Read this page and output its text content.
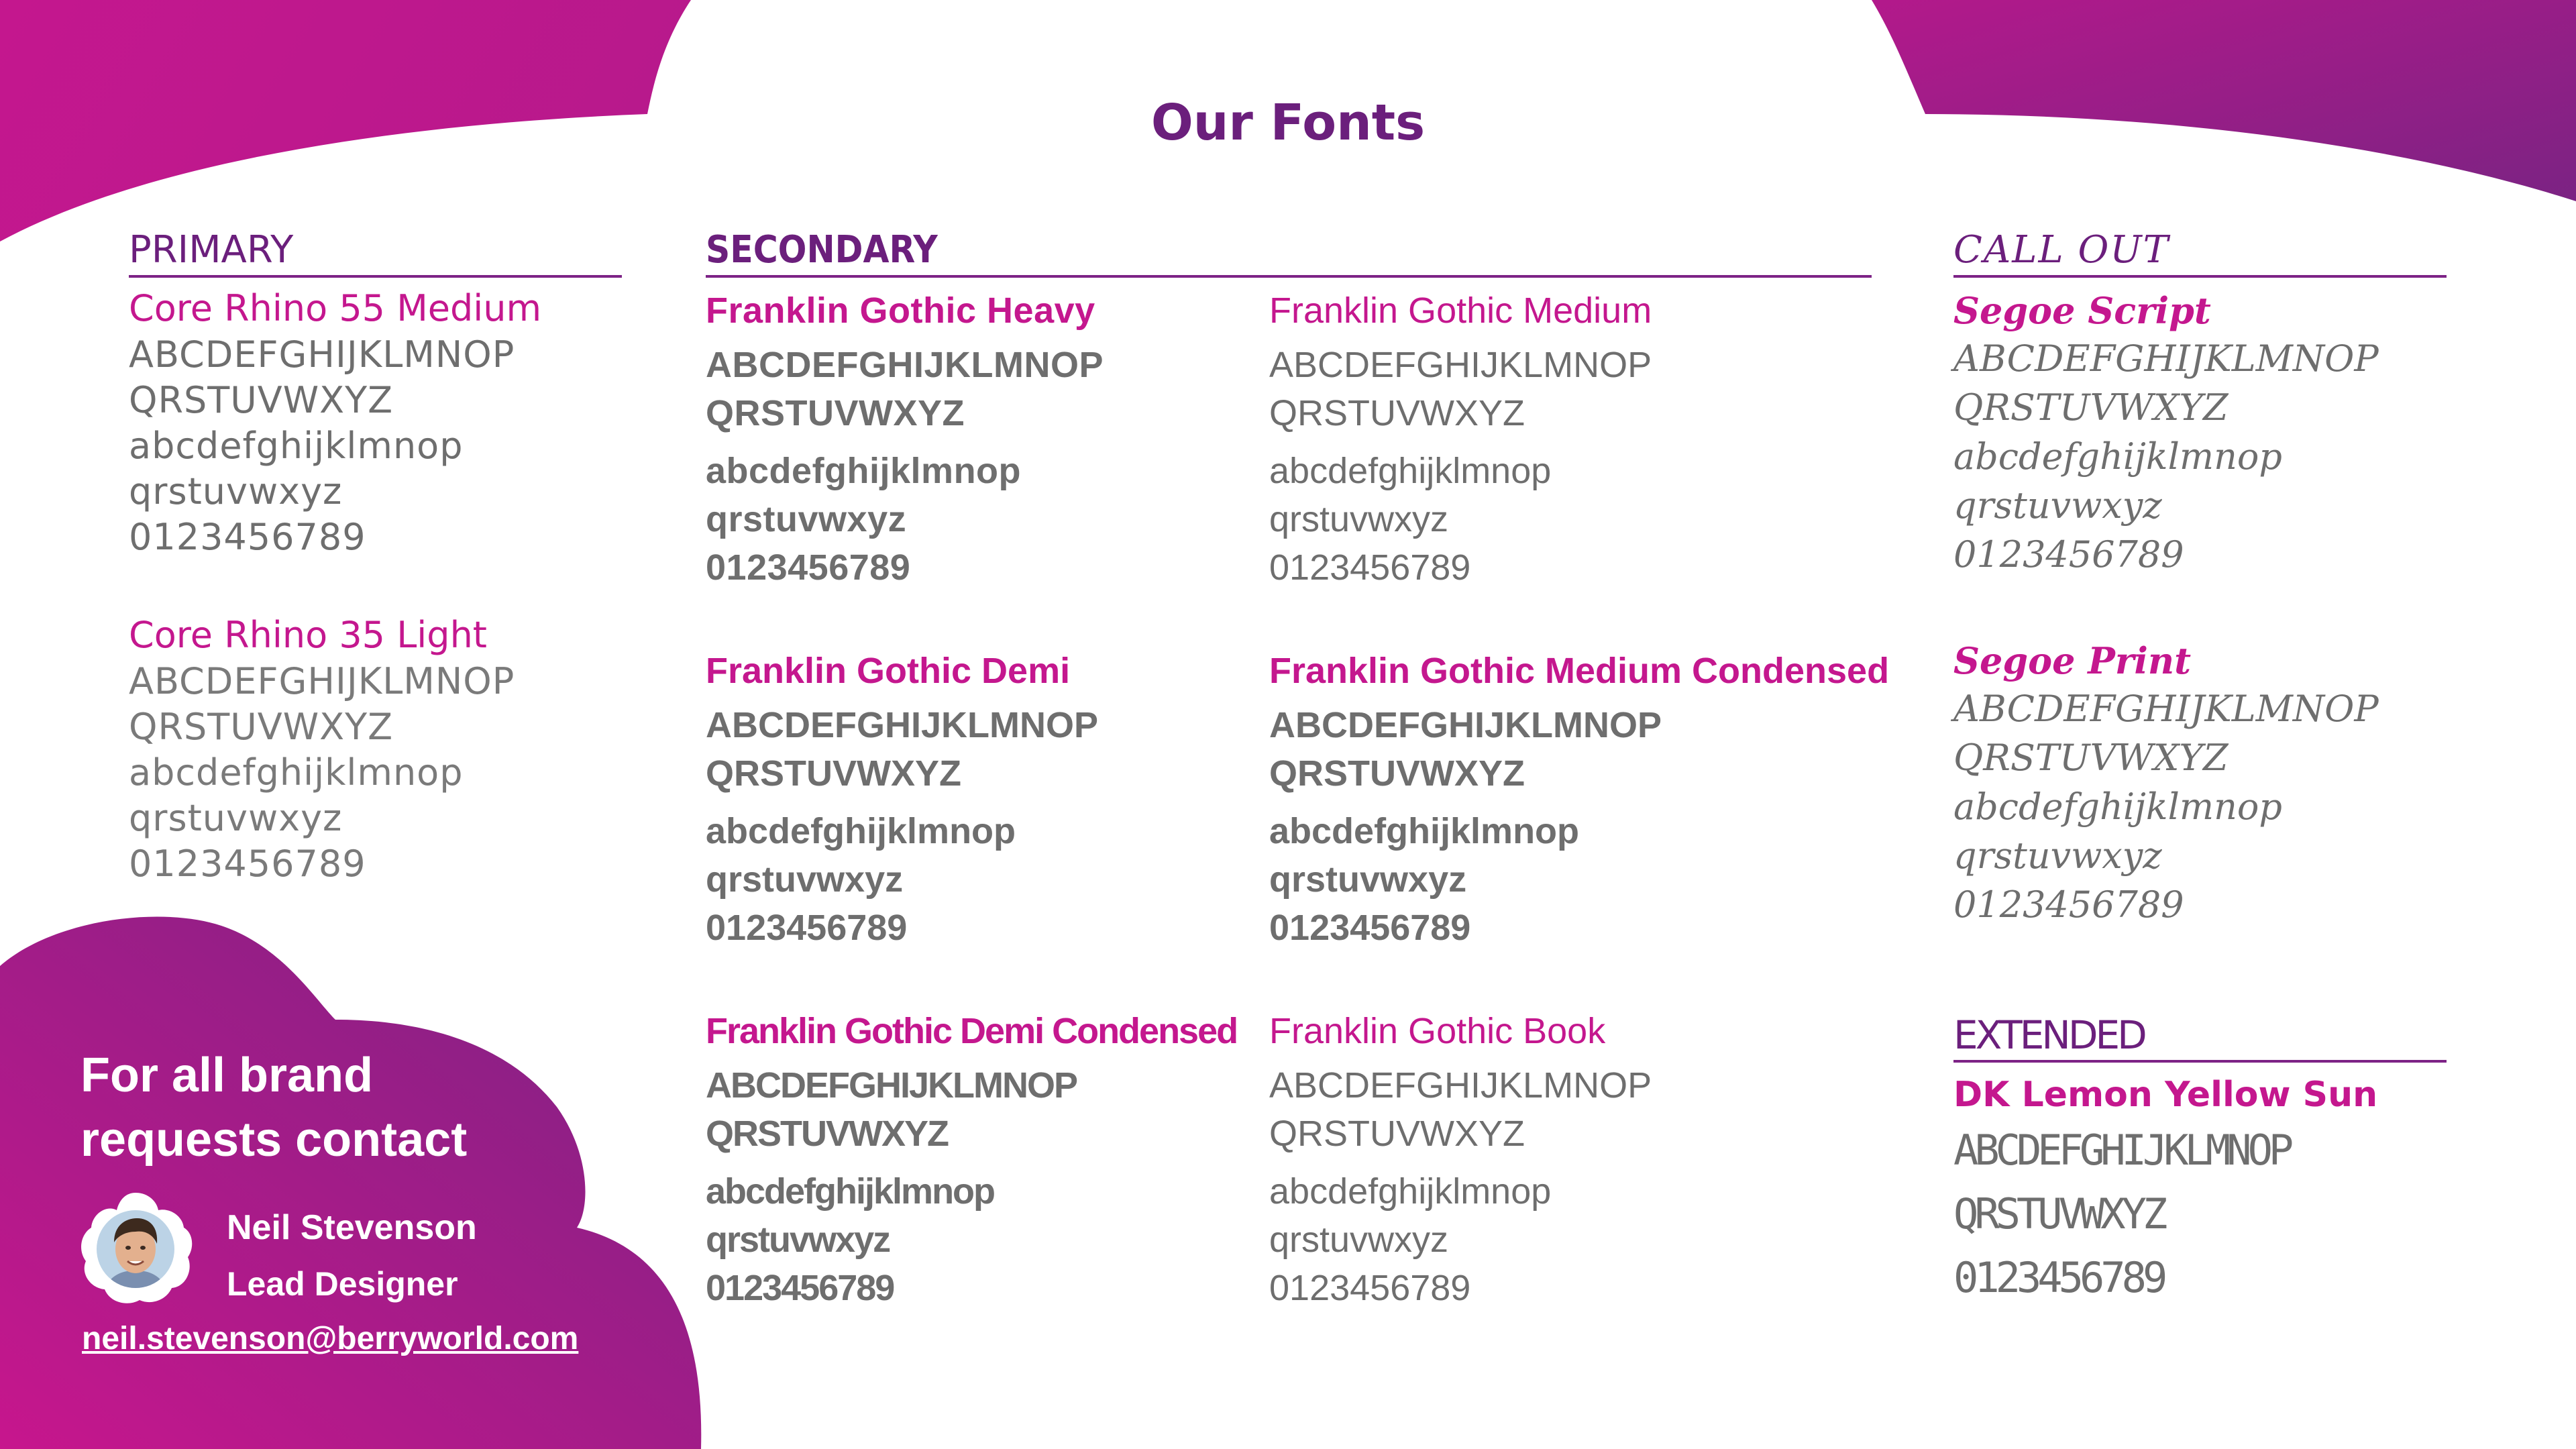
Our Fonts
PRIMARY
Core Rhino 55 Medium
ABCDEFGHIJKLMNOP
QRSTUVWXYZ
abcdefghijklmnop
qrstuvwxyz
0123456789
Core Rhino 35 Light
ABCDEFGHIJKLMNOP
QRSTUVWXYZ
abcdefghijklmnop
qrstuvwxyz
0123456789
SECONDARY
Franklin Gothic Heavy
ABCDEFGHIJKLMNOP
QRSTUVWXYZ
abcdefghijklmnop
qrstuvwxyz
0123456789
Franklin Gothic Medium
ABCDEFGHIJKLMNOP
QRSTUVWXYZ
abcdefghijklmnop
qrstuvwxyz
0123456789
Franklin Gothic Demi
ABCDEFGHIJKLMNOP
QRSTUVWXYZ
abcdefghijklmnop
qrstuvwxyz
0123456789
Franklin Gothic Medium Condensed
ABCDEFGHIJKLMNOP
QRSTUVWXYZ
abcdefghijklmnop
qrstuvwxyz
0123456789
Franklin Gothic Demi Condensed
ABCDEFGHIJKLMNOP
QRSTUVWXYZ
abcdefghijklmnop
qrstuvwxyz
0123456789
Franklin Gothic Book
ABCDEFGHIJKLMNOP
QRSTUVWXYZ
abcdefghijklmnop
qrstuvwxyz
0123456789
CALL OUT
Segoe Script
ABCDEFGHIJKLMNOP
QRSTUVWXYZ
abcdefghijklmnop
qrstuvwxyz
0123456789
Segoe Print
ABCDEFGHIJKLMNOP
QRSTUVWXYZ
abcdefghijklmnop
qrstuvwxyz
0123456789
EXTENDED
DK Lemon Yellow Sun
ABCDEFGHIJKLMNOP
QRSTUVWXYZ
0123456789
For all brand
requests contact
Neil Stevenson
Lead Designer
neil.stevenson@berryworld.com
